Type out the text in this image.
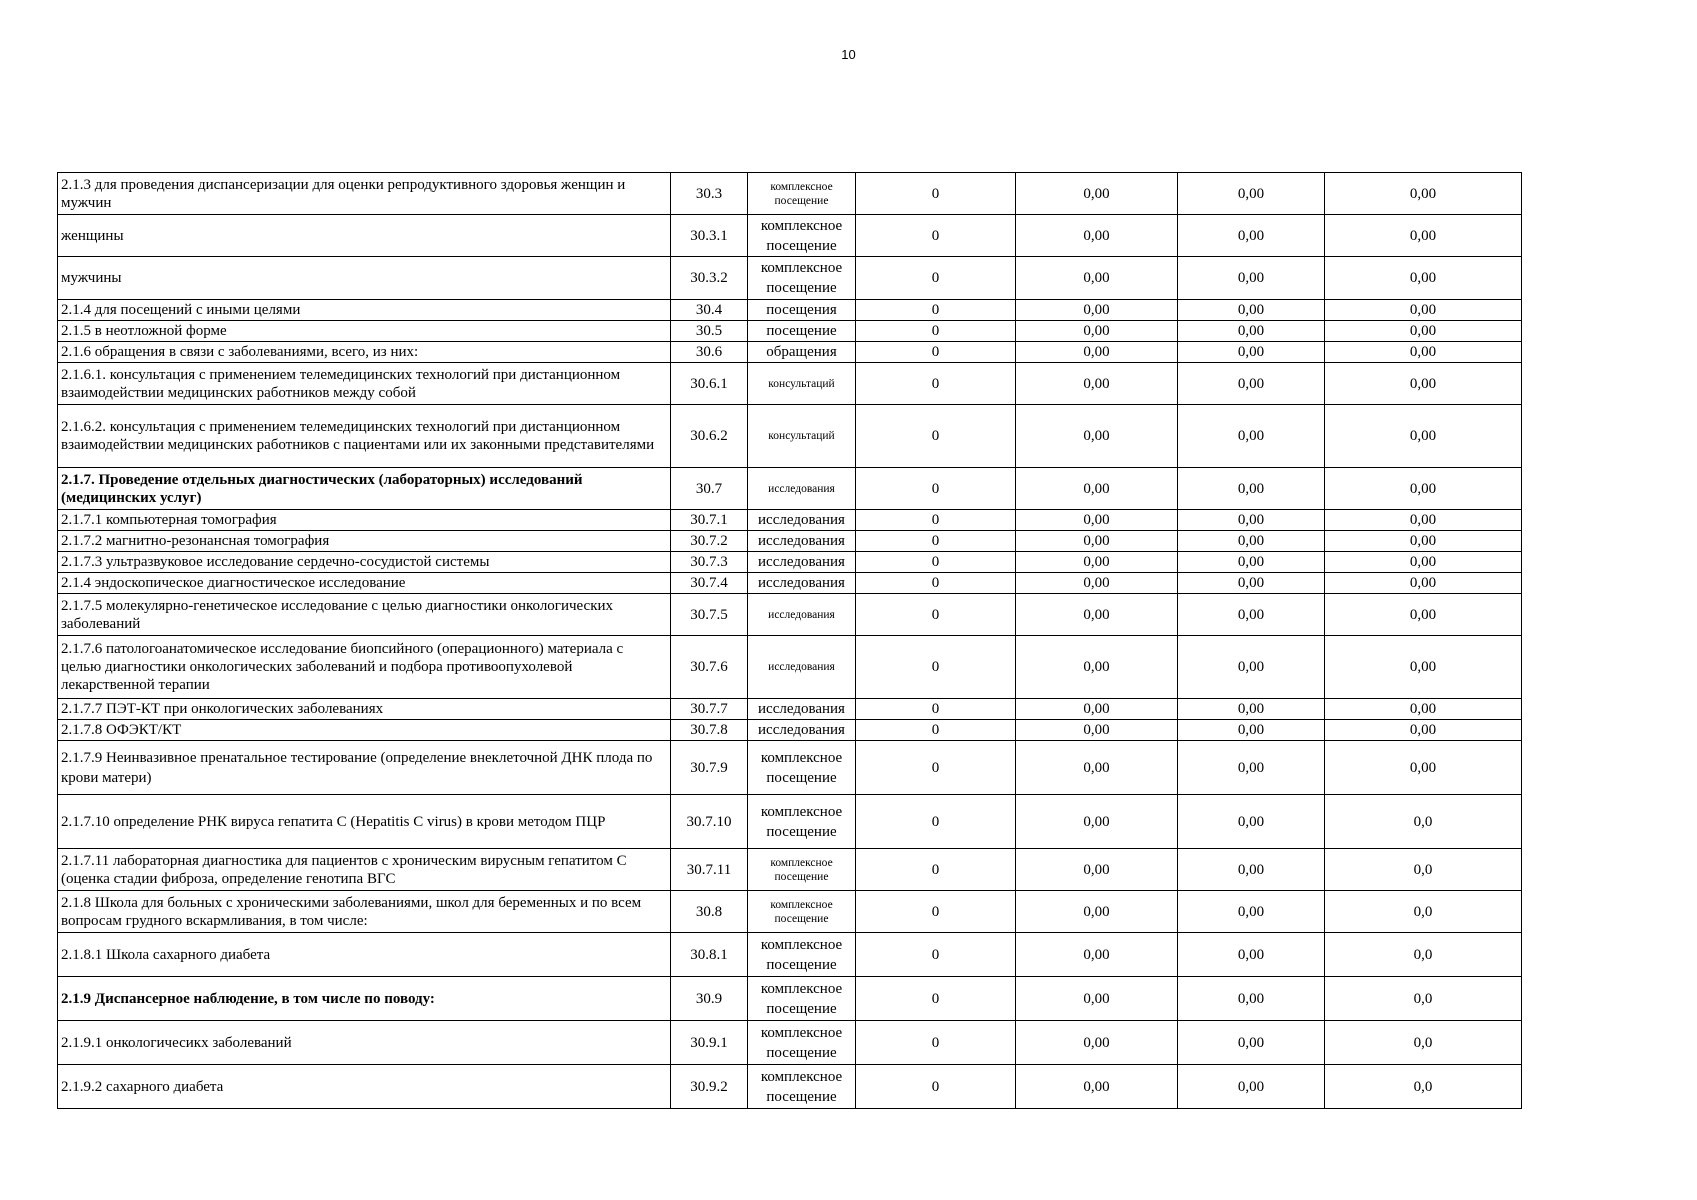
10
2.1.3 для проведения диспансеризации для оценки репродуктивного здоровья женщин и мужчин	30.3	комплексное посещение	0	0,00	0,00	0,00
женщины	30.3.1	комплексное посещение	0	0,00	0,00	0,00
мужчины	30.3.2	комплексное посещение	0	0,00	0,00	0,00
2.1.4 для посещений с иными целями	30.4	посещения	0	0,00	0,00	0,00
2.1.5 в неотложной форме	30.5	посещение	0	0,00	0,00	0,00
2.1.6 обращения в связи с заболеваниями, всего, из них:	30.6	обращения	0	0,00	0,00	0,00
2.1.6.1. консультация с применением телемедицинских технологий при дистанционном взаимодействии медицинских работников между собой	30.6.1	консультаций	0	0,00	0,00	0,00
2.1.6.2. консультация с применением телемедицинских технологий при дистанционном взаимодействии медицинских работников с пациентами или их законными представителями	30.6.2	консультаций	0	0,00	0,00	0,00
2.1.7. Проведение отдельных диагностических (лабораторных) исследований (медицинских услуг)	30.7	исследования	0	0,00	0,00	0,00
2.1.7.1 компьютерная томография	30.7.1	исследования	0	0,00	0,00	0,00
2.1.7.2 магнитно-резонансная томография	30.7.2	исследования	0	0,00	0,00	0,00
2.1.7.3 ультразвуковое исследование сердечно-сосудистой системы	30.7.3	исследования	0	0,00	0,00	0,00
2.1.4 эндоскопическое диагностическое исследование	30.7.4	исследования	0	0,00	0,00	0,00
2.1.7.5 молекулярно-генетическое исследование с целью диагностики онкологических заболеваний	30.7.5	исследования	0	0,00	0,00	0,00
2.1.7.6 патологоанатомическое исследование биопсийного (операционного) материала с целью диагностики онкологических заболеваний и подбора противоопухолевой лекарственной терапии	30.7.6	исследования	0	0,00	0,00	0,00
2.1.7.7 ПЭТ-КТ при онкологических заболеваниях	30.7.7	исследования	0	0,00	0,00	0,00
2.1.7.8 ОФЭКТ/КТ	30.7.8	исследования	0	0,00	0,00	0,00
2.1.7.9 Неинвазивное пренатальное тестирование (определение внеклеточной ДНК плода по крови матери)	30.7.9	комплексное посещение	0	0,00	0,00	0,00
2.1.7.10 определение РНК вируса гепатита С (Hepatitis C virus) в крови методом ПЦР	30.7.10	комплексное посещение	0	0,00	0,00	0,0
2.1.7.11 лабораторная диагностика для пациентов с хроническим вирусным гепатитом С (оценка стадии фиброза, определение генотипа ВГС	30.7.11	комплексное посещение	0	0,00	0,00	0,0
2.1.8 Школа для больных с хроническими заболеваниями, школ для беременных и по всем вопросам грудного вскармливания, в том числе:	30.8	комплексное посещение	0	0,00	0,00	0,0
2.1.8.1 Школа сахарного диабета	30.8.1	комплексное посещение	0	0,00	0,00	0,0
2.1.9 Диспансерное наблюдение, в том числе по поводу:	30.9	комплексное посещение	0	0,00	0,00	0,0
2.1.9.1 онкологичесикх заболеваний	30.9.1	комплексное посещение	0	0,00	0,00	0,0
2.1.9.2 сахарного диабета	30.9.2	комплексное посещение	0	0,00	0,00	0,0
